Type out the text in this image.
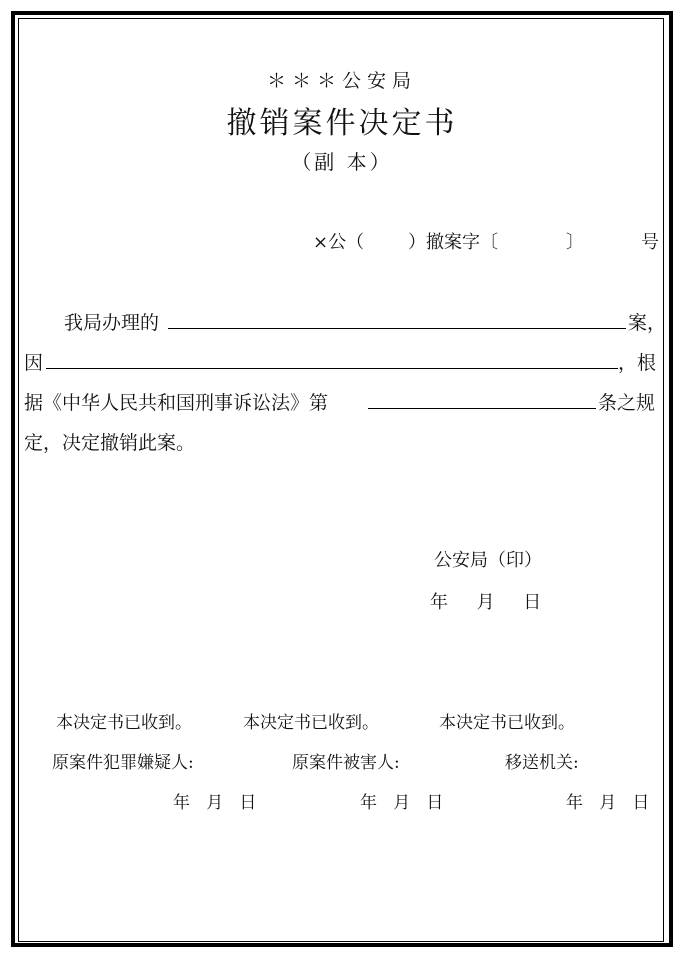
＊＊＊公安局
撤销案件决定书
（副 本）
×公（ ）撤案字〔	〕	号
我局办理的	案，
因	，根
据《中华人民共和国刑事诉讼法》第	条之规
定，决定撤销此案。
公安局（印）
年     月     日
本决定书已收到。	本决定书已收到。	本决定书已收到。
原案件犯罪嫌疑人:	原案件被害人:	移送机关:
年   月   日	年   月   日	年   月   日
